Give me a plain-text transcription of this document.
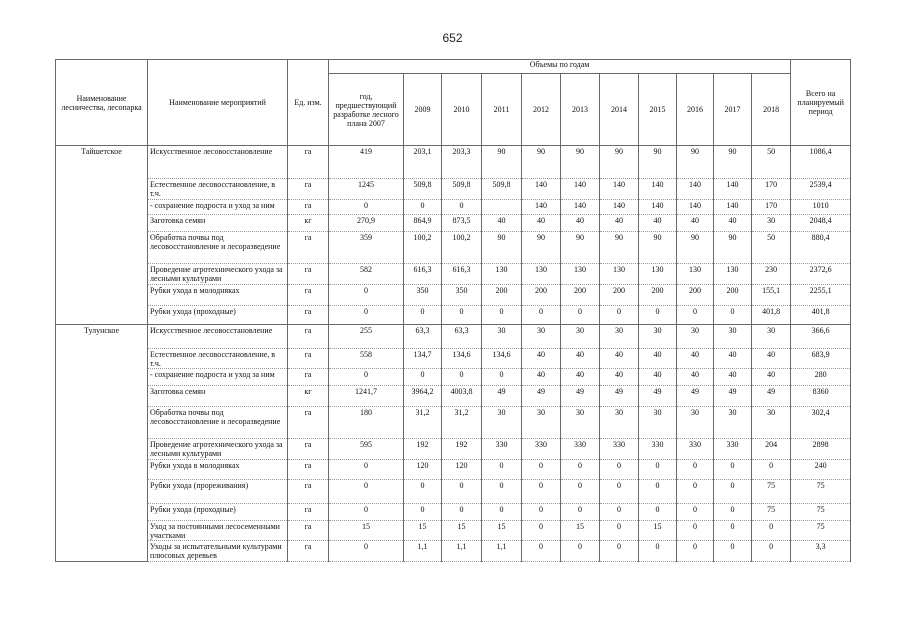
652
Наименование лесничества, лесопарка	Наименование мероприятий	Ед. изм.	Объемы по годам											Всего на планируемый период
			год, предшествующий разработке лесного плана 2007	2009	2010	2011	2012	2013	2014	2015	2016	2017	2018	
Тайшетское	Искусственное лесовосстановление	га	419	203,1	203,3	90	90	90	90	90	90	90	50	1086,4
	Естественное лесовосстановление, в т.ч.	га	1245	509,8	509,8	509,8	140	140	140	140	140	140	170	2539,4
	- сохранение подроста и уход за ним	га	0	0	0		140	140	140	140	140	140	170	1010
	Заготовка семян	кг	270,9	864,9	873,5	40	40	40	40	40	40	40	30	2048,4
	Обработка почвы под лесовосстановление и лесоразведение	га	359	100,2	100,2	90	90	90	90	90	90	90	50	880,4
	Проведение агротехнического ухода за лесными культурами	га	582	616,3	616,3	130	130	130	130	130	130	130	230	2372,6
	Рубки ухода в молодняках	га	0	350	350	200	200	200	200	200	200	200	155,1	2255,1
	Рубки ухода (проходные)	га	0	0	0	0	0	0	0	0	0	0	401,8	401,8
Тулунское	Искусственное лесовосстановление	га	255	63,3	63,3	30	30	30	30	30	30	30	30	366,6
	Естественное лесовосстановление, в т.ч.	га	558	134,7	134,6	134,6	40	40	40	40	40	40	40	683,9
	- сохранение подроста и уход за ним	га	0	0	0	0	40	40	40	40	40	40	40	280
	Заготовка семян	кг	1241,7	3964,2	4003,8	49	49	49	49	49	49	49	49	8360
	Обработка почвы под лесовосстановление и лесоразведение	га	180	31,2	31,2	30	30	30	30	30	30	30	30	302,4
	Проведение агротехнического ухода за лесными культурами	га	595	192	192	330	330	330	330	330	330	330	204	2898
	Рубки ухода в молодняках	га	0	120	120	0	0	0	0	0	0	0	0	240
	Рубки ухода (прореживания)	га	0	0	0	0	0	0	0	0	0	0	75	75
	Рубки ухода (проходные)	га	0	0	0	0	0	0	0	0	0	0	75	75
	Уход за постоянными лесосеменными участками	га	15	15	15	15	0	15	0	15	0	0	0	75
	Уходы за испытательными культурами плюсовых деревьев	га	0	1,1	1,1	1,1	0	0	0	0	0	0	0	3,3
